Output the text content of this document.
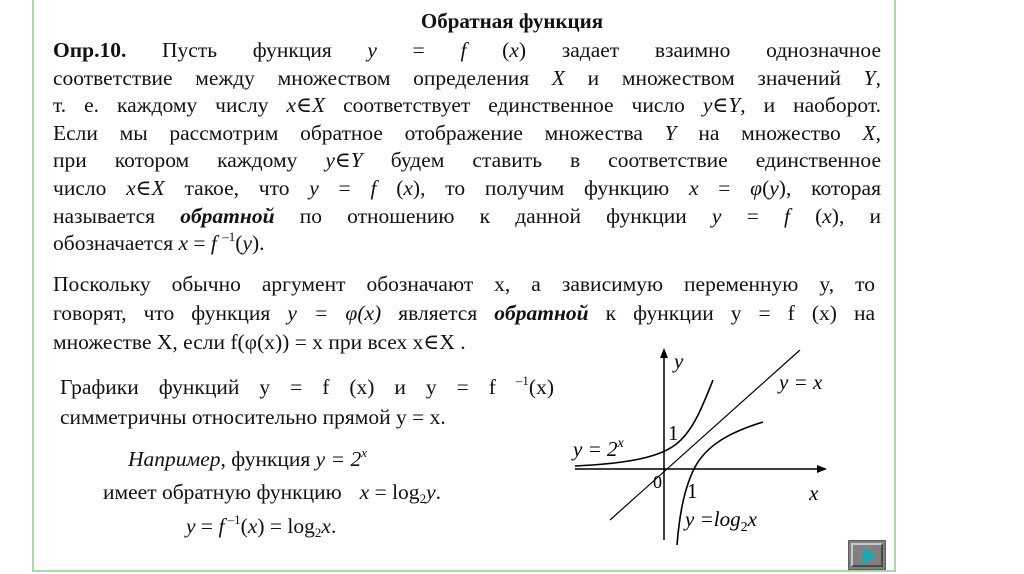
Обратная функция
Опр.10. Пусть функция y = f (x) задает взаимно однозначное
соответствие между множеством определения X и множеством значений Y,
т. е. каждому числу x∈X соответствует единственное число y∈Y, и наоборот.
Если мы рассмотрим обратное отображение множества Y на множество X,
при котором каждому y∈Y будем ставить в соответствие единственное
число x∈X такое, что y = f (x), то получим функцию x = φ(y), которая
называется обратной по отношению к данной функции y = f (x), и
обозначается x = f $^{-1}$(y).
Поскольку обычно аргумент обозначают x, а зависимую переменную y, то
говорят, что функция y = φ(x) является обратной к функции y = f (x) на
множестве X, если f(φ(x)) = x при всех x∈X .
Графики функций y = f (x) и y = f $^{-1}$(x)
симметричны относительно прямой y = x.
Например, функция $y = 2^x$
имеет обратную функцию $x = \log_2y$.
y = f $^{-1}(x) = \log_2x$.
y
x
0 1
1
y = x
$y = 2^x$
$y =\log_2x$
